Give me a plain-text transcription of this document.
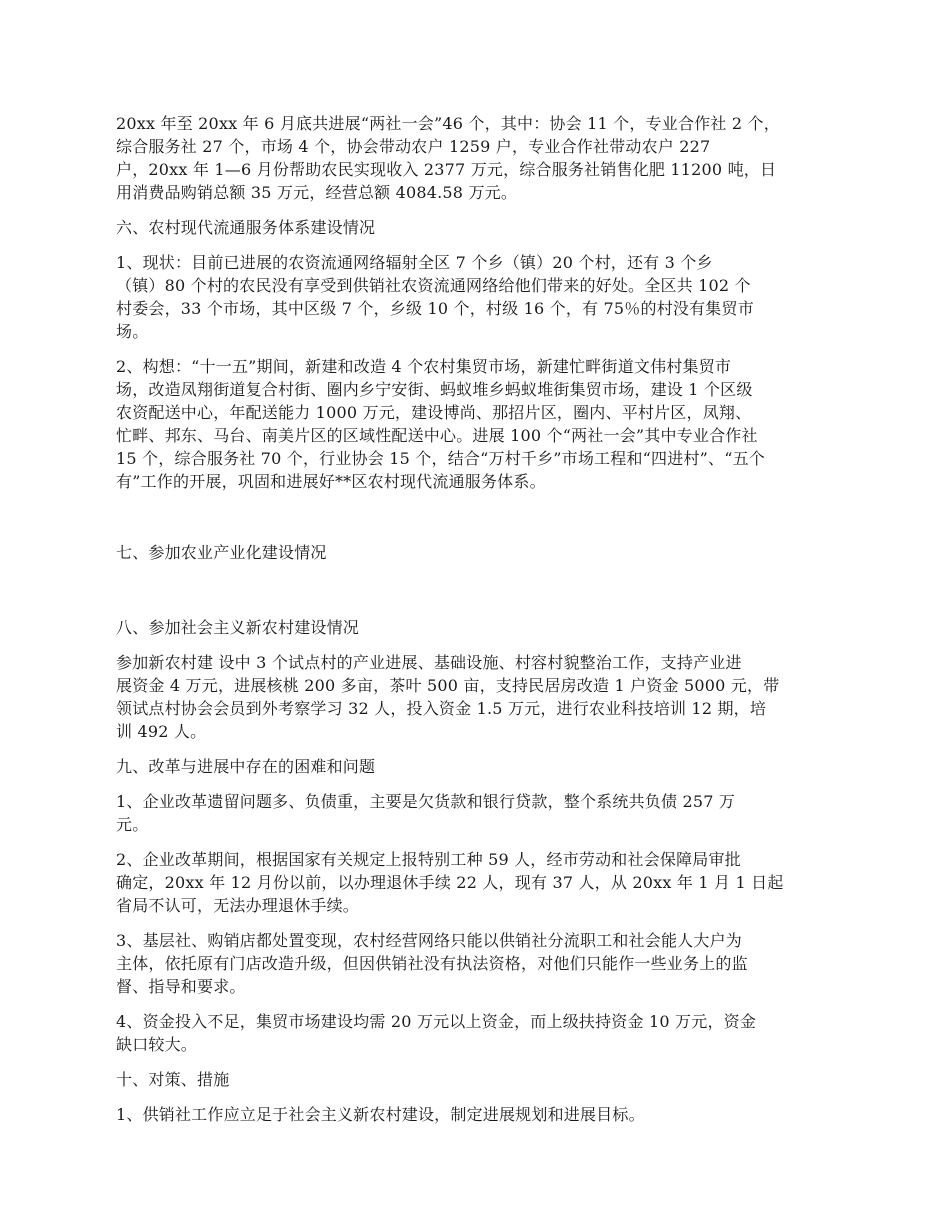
20xx 年至 20xx 年 6 月底共进展“两社一会”46 个，其中：协会 11 个，专业合作社 2 个，
综合服务社 27 个，市场 4 个，协会带动农户 1259 户，专业合作社带动农户 227
户，20xx 年 1—6 月份帮助农民实现收入 2377 万元，综合服务社销售化肥 11200 吨，日
用消费品购销总额 35 万元，经营总额 4084.58 万元。

六、农村现代流通服务体系建设情况

1、现状：目前已进展的农资流通网络辐射全区 7 个乡（镇）20 个村，还有 3 个乡
（镇）80 个村的农民没有享受到供销社农资流通网络给他们带来的好处。全区共 102 个
村委会，33 个市场，其中区级 7 个，乡级 10 个，村级 16 个，有 75％的村没有集贸市
场。

2、构想：“十一五”期间，新建和改造 4 个农村集贸市场，新建忙畔街道文伟村集贸市
场，改造凤翔街道复合村街、圈内乡宁安街、蚂蚁堆乡蚂蚁堆街集贸市场，建设 1 个区级
农资配送中心，年配送能力 1000 万元，建设博尚、那招片区，圈内、平村片区，凤翔、
忙畔、邦东、马台、南美片区的区域性配送中心。进展 100 个“两社一会”其中专业合作社
15 个，综合服务社 70 个，行业协会 15 个，结合“万村千乡”市场工程和“四进村”、“五个
有”工作的开展，巩固和进展好**区农村现代流通服务体系。

七、参加农业产业化建设情况

八、参加社会主义新农村建设情况

参加新农村建 设中 3 个试点村的产业进展、基础设施、村容村貌整治工作，支持产业进
展资金 4 万元，进展核桃 200 多亩，茶叶 500 亩，支持民居房改造 1 户资金 5000 元，带
领试点村协会会员到外考察学习 32 人，投入资金 1.5 万元，进行农业科技培训 12 期，培
训 492 人。

九、改革与进展中存在的困难和问题

1、企业改革遗留问题多、负债重，主要是欠货款和银行贷款，整个系统共负债 257 万
元。

2、企业改革期间，根据国家有关规定上报特别工种 59 人，经市劳动和社会保障局审批
确定，20xx 年 12 月份以前，以办理退休手续 22 人，现有 37 人，从 20xx 年 1 月 1 日起
省局不认可，无法办理退休手续。

3、基层社、购销店都处置变现，农村经营网络只能以供销社分流职工和社会能人大户为
主体，依托原有门店改造升级，但因供销社没有执法资格，对他们只能作一些业务上的监
督、指导和要求。

4、资金投入不足，集贸市场建设均需 20 万元以上资金，而上级扶持资金 10 万元，资金
缺口较大。

十、对策、措施

1、供销社工作应立足于社会主义新农村建设，制定进展规划和进展目标。
